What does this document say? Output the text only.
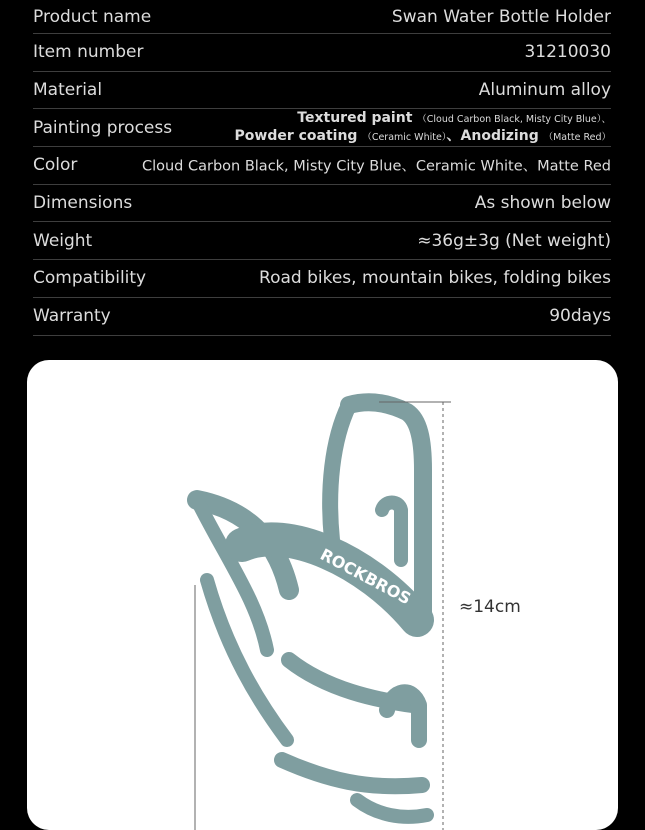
Product name	Swan Water Bottle Holder
Item number	31210030
Material	Aluminum alloy
Painting process	Textured paint （Cloud Carbon Black, Misty City Blue）、
Powder coating （Ceramic White）、Anodizing （Matte Red）
Color	Cloud Carbon Black, Misty City Blue、Ceramic White、Matte Red
Dimensions	As shown below
Weight	≈36g±3g (Net weight)
Compatibility	Road bikes, mountain bikes, folding bikes
Warranty	90days
ROCKBROS	≈14cm
